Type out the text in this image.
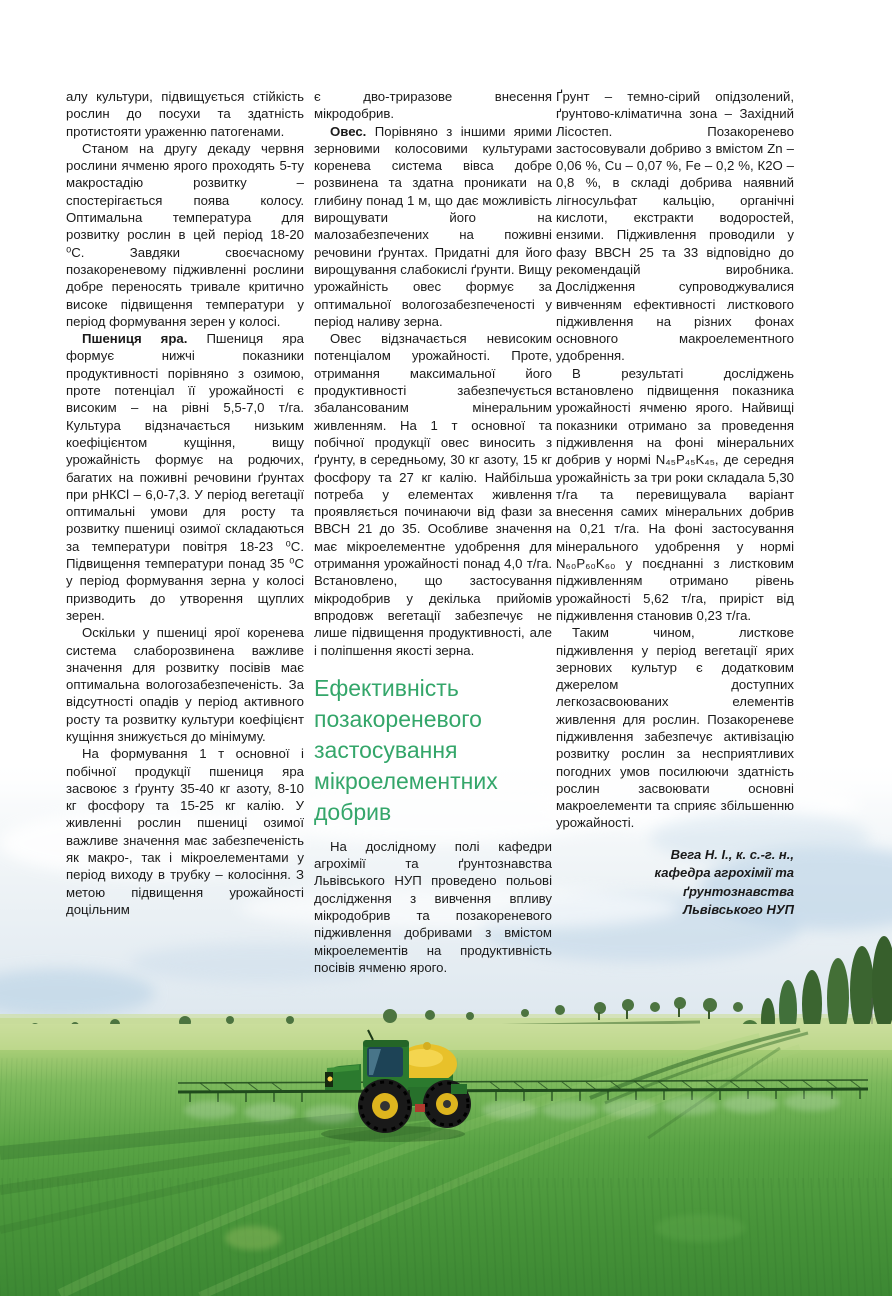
алу культури, підвищується стійкість рослин до посухи та здатність протистояти ураженню патогенами.

Станом на другу декаду червня рослини ячменю ярого проходять 5-ту макростадію розвитку – спостерігається поява колосу. Оптимальна температура для розвитку рослин в цей період 18-20 ⁰С. Завдяки своєчасному позакореневому підживленні рослини добре переносять тривале критично високе підвищення температури у період формування зерен у колосі.

Пшениця яра. Пшениця яра формує нижчі показники продуктивності порівняно з озимою, проте потенціал її урожайності є високим – на рівні 5,5-7,0 т/га. Культура відзначається низьким коефіцієнтом кущіння, вищу урожайність формує на родючих, багатих на поживні речовини ґрунтах при рНКСl – 6,0-7,3. У період вегетації оптимальні умови для росту та розвитку пшениці озимої складаються за температури повітря 18-23 ⁰С. Підвищення температури понад 35 ⁰С у період формування зерна у колосі призводить до утворення щуплих зерен.

Оскільки у пшениці ярої коренева система слаборозвинена важливе значення для розвитку посівів має оптимальна вологозабезпеченість. За відсутності опадів у період активного росту та розвитку культури коефіцієнт кущіння знижується до мінімуму.

На формування 1 т основної і побічної продукції пшениця яра засвоює з ґрунту 35-40 кг азоту, 8-10 кг фосфору та 15-25 кг калію. У живленні рослин пшениці озимої важливе значення має забезпеченість як макро-, так і мікроелементами у період виходу в трубку – колосіння. З метою підвищення урожайності доцільним

є дво-триразове внесення мікродобрив.

Овес. Порівняно з іншими ярими зерновими колосовими культурами коренева система вівса добре розвинена та здатна проникати на глибину понад 1 м, що дає можливість вирощувати його на малозабезпечених на поживні речовини ґрунтах. Придатні для його вирощування слабокислі ґрунти. Вищу урожайність овес формує за оптимальної вологозабезпеченості у період наливу зерна.

Овес відзначається невисоким потенціалом урожайності. Проте, отримання максимальної його продуктивності забезпечується збалансованим мінеральним живленням. На 1 т основної та побічної продукції овес виносить з ґрунту, в середньому, 30 кг азоту, 15 кг фосфору та 27 кг калію. Найбільша потреба у елементах живлення проявляється починаючи від фази за ВВСН 21 до 35. Особливе значення має мікроелементне удобрення для отримання урожайності понад 4,0 т/га. Встановлено, що застосування мікродобрив у декілька прийомів впродовж вегетації забезпечує не лише підвищення продуктивності, але і поліпшення якості зерна.

Ефективність позакореневого застосування мікроелементних добрив

На дослідному полі кафедри агрохімії та ґрунтознавства Львівського НУП проведено польові дослідження з вивчення впливу мікродобрив та позакореневого підживлення добривами з вмістом мікроелементів на продуктивність посівів ячменю ярого.

Ґрунт – темно-сірий опідзолений, ґрунтово-кліматична зона – Західний Лісостеп. Позакоренево застосовували добриво з вмістом Zn – 0,06 %, Cu – 0,07 %, Fe – 0,2 %, К2О – 0,8 %, в складі добрива наявний лігносульфат кальцію, органічні кислоти, екстракти водоростей, ензими. Підживлення проводили у фазу ВВСН 25 та 33 відповідно до рекомендацій виробника. Дослідження супроводжувалися вивченням ефективності листкового підживлення на різних фонах основного макроелементного удобрення.

В результаті досліджень встановлено підвищення показника урожайності ячменю ярого. Найвищі показники отримано за проведення підживлення на фоні мінеральних добрив у нормі N₄₅P₄₅K₄₅, де середня урожайність за три роки складала 5,30 т/га та перевищувала варіант внесення самих мінеральних добрив на 0,21 т/га. На фоні застосування мінерального удобрення у нормі N₆₀P₆₀K₆₀ у поєднанні з листковим підживленням отримано рівень урожайності 5,62 т/га, приріст від підживлення становив 0,23 т/га.

Таким чином, листкове підживлення у період вегетації ярих зернових культур є додатковим джерелом доступних легкозасвоюваних елементів живлення для рослин. Позакореневе підживлення забезпечує активізацію розвитку рослин за несприятливих погодних умов посилюючи здатність рослин засвоювати основні макроелементи та сприяє збільшенню урожайності.

Вега Н. І., к. с.-г. н.,
кафедра агрохімії та ґрунтознавства
Львівського НУП
